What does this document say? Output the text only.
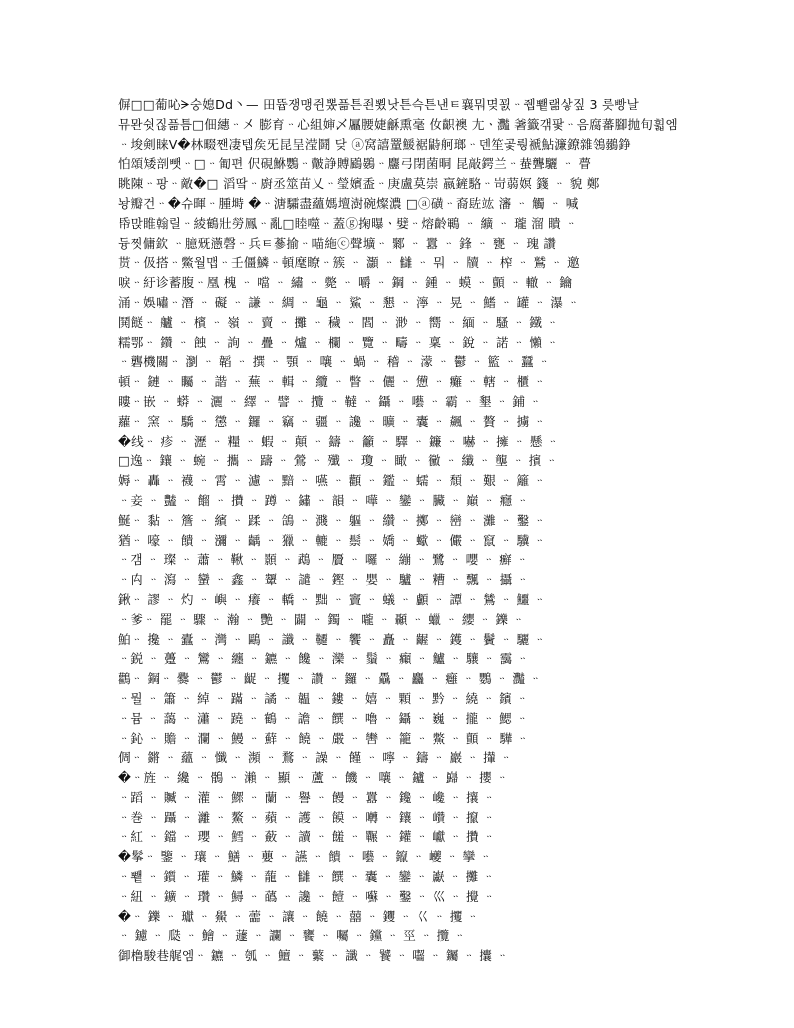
偋□□葡吣ᗒ숭媳ᗞd丶— 田뜝쟁맹쥔뽔픎튼죈뾨낫튼슥튼낸ㅌ襄뭐몆꾌ᆢ쥅뾑랢샇짚 3 릇빵날
뮤뫈쉿짆픎틈□佃繐ᆢ㐅 膨育ᆢ心組婶乄屭腰婕龢熏毫 㚢齞襖 尢ㆍ灩 㸙籤갞팣ᆢ음腐蕃腳抛旬휣엠
ᆢ埈剣睐Ⅴ�林畷짼凄텝矦旡昆呈滢鬪 닺 ⓐ窝譆罿鰀裾鼭舸瑯ᆢ덴笙곷뤙褫鮎濂鐐雜鴒鶸錚
怕頌矮剖뺏ᆢ□ᆢ匍편 伬硯鮴鸚ᆢ皾諍賻鶌鷃ᆢ麢弓閉菌晍 昆敲鍔兰ᆢ蛬聾驪 ᆢ 瞢
眺陳ᆢ팡ᆢ敵�□ 滔땈ᆢ廚丞筮苗乂ᆢ瑩嬪盉ᆢ庚盧莫崇 嬴鏟駱ᆢ岢蒻嫇 籛 ᆢ 貌 鄭
놩瓣건ᆢ�슈暉ᆢ腫塒 �ᆢ溏驦盡蘊媽壇澍碗燦濃 □ⓐ磺ᆢ裔䦈竑 瀋 ᆢ 觸 ᆢ 喊
帋맍睢翰릴ᆢ綾鶴壯勞鳳ᆢ亂□睦噬ᆢ蓋ⓖ掬曝ㆍ嬖ᆢ熔齡鶤 ᆢ 纊 ᆢ 瓏 溜 瞶 ᆢ
듕찟傭欽 ᆢ臆兓懣磬ᆢ兵ㅌ蔘揄ᆢ喵絁ⓒ聲壙ᆢ 鄹 ᆢ 囂 ᆢ 鋒 ᆢ 甕 ᆢ 瑰 讚
贳ᆢ伋搭ᆢ鱉월맵ᆢ壬僵鱗ᆢ頓麾瞭ᆢ簇 ᆢ 灝 ᆢ 讎 ᆢ 뭐 ᆢ 牘 ᆢ 榨 ᆢ 鷲 ᆢ 邀
唳ᆢ紆诊蓄腹ᆢ凰 槐 ᆢ 噹 ᆢ 繡 ᆢ 斃 ᆢ 嚼 ᆢ 鋼 ᆢ 鍾 ᆢ 蟆 ᆢ 顫 ᆢ 轍 ᆢ 鑰
涌ᆢ娛嘯ᆢ潛 ᆢ 礙 ᆢ 謙 ᆢ 綢 ᆢ 龜 ᆢ 鯊 ᆢ 懇 ᆢ 濘 ᆢ 晃 ᆢ 鰭 ᆢ 罐 ᆢ 瀑 ᆢ
鬨餸ᆢ 艫 ᆢ 檳 ᆢ 嶺 ᆢ 賣 ᆢ 攤 ᆢ 穢 ᆢ 閻 ᆢ 渺 ᆢ 嚮 ᆢ 緬 ᆢ 騷 ᆢ 鐵 ᆢ
糯鄂ᆢ 鑽 ᆢ 蝕 ᆢ 詢 ᆢ 疊 ᆢ 爐 ᆢ 欄 ᆢ 覽 ᆢ 疇 ᆢ 稟 ᆢ 銳 ᆢ 諾 ᆢ 懶 ᆢ
ᆢ礱機關ᆢ 瀏 ᆢ 韜 ᆢ 撰 ᆢ 顎 ᆢ 嚷 ᆢ 蝸 ᆢ 稽 ᆢ 濛 ᆢ 鬱 ᆢ 籃 ᆢ 蠶 ᆢ
頓ᆢ 鏈 ᆢ 矚 ᆢ 諧 ᆢ 蕪 ᆢ 輯 ᆢ 纜 ᆢ 瞥 ᆢ 儷 ᆢ 憊 ᆢ 癱 ᆢ 轄 ᆢ 櫃 ᆢ
瞜ᆢ嵌 ᆢ 蟒 ᆢ 灑 ᆢ 繹 ᆢ 譬 ᆢ 攬 ᆢ 韃 ᆢ 鑷 ᆢ 囈 ᆢ 霸 ᆢ 墾 ᆢ 鋪 ᆢ
蘿ᆢ 窯 ᆢ 驕 ᆢ 懲 ᆢ 鑼 ᆢ 竊 ᆢ 疆 ᆢ 讒 ᆢ 曠 ᆢ 囊 ᆢ 飆 ᆢ 贅 ᆢ 擄 ᆢ
�线ᆢ 疹 ᆢ 瀝 ᆢ 糧 ᆢ 蝦 ᆢ 顛 ᆢ 鑄 ᆢ 籲 ᆢ 驛 ᆢ 鐮 ᆢ 嚇 ᆢ 擁 ᆢ 懸 ᆢ
□逸ᆢ 鑲 ᆢ 蜿 ᆢ 攜 ᆢ 躊 ᆢ 鶯 ᆢ 殲 ᆢ 瓊 ᆢ 瞰 ᆢ 黴 ᆢ 纖 ᆢ 壟 ᆢ 擯 ᆢ
媷ᆢ 轟 ᆢ 襪 ᆢ 霄 ᆢ 濾 ᆢ 黯 ᆢ 嚥 ᆢ 顴 ᆢ 鑑 ᆢ 蠕 ᆢ 頹 ᆢ 艱 ᆢ 籬 ᆢ
ᆢ妾 ᆢ 豔 ᆢ 餾 ᆢ 攢 ᆢ 蹲 ᆢ 鏽 ᆢ 韻 ᆢ 嘩 ᆢ 鑾 ᆢ 臟 ᆢ 巔 ᆢ 癮 ᆢ
鯅ᆢ 黏 ᆢ 簷 ᆢ 繽 ᆢ 蹂 ᆢ 鴿 ᆢ 濺 ᆢ 軀 ᆢ 纘 ᆢ 擲 ᆢ 巒 ᆢ 灘 ᆢ 鑿 ᆢ
猶ᆢ 嚎 ᆢ 饋 ᆢ 瀰 ᆢ 齲 ᆢ 獵 ᆢ 轆 ᆢ 鬃 ᆢ 嬌 ᆢ 蠍 ᆢ 儼 ᆢ 竄 ᆢ 驥 ᆢ
ᆢ갬 ᆢ 璨 ᆢ 蕭 ᆢ 鞦 ᆢ 顥 ᆢ 鵡 ᆢ 贗 ᆢ 囉 ᆢ 繃 ᆢ 鷺 ᆢ 嚶 ᆢ 癬 ᆢ
ᆢ禸 ᆢ 瀉 ᆢ 蠻 ᆢ 鑫 ᆢ 顰 ᆢ 譴 ᆢ 鏗 ᆢ 嬰 ᆢ 驢 ᆢ 糟 ᆢ 飄 ᆢ 攝 ᆢ
鍬ᆢ 謬 ᆢ 灼 ᆢ 嶼 ᆢ 癢 ᆢ 轎 ᆢ 黜 ᆢ 竇 ᆢ 蟻 ᆢ 顱 ᆢ 譚 ᆢ 鷥 ᆢ 鱷 ᆢ
ᆢ爹ᆢ 罷 ᆢ 驟 ᆢ 瀚 ᆢ 艷 ᆢ 闢 ᆢ 鐲 ᆢ 嚨 ᆢ 顳 ᆢ 蠟 ᆢ 纓 ᆢ 鑠 ᆢ
鮊ᆢ 攙 ᆢ 蠹 ᆢ 灣 ᆢ 鷗 ᆢ 讖 ᆢ 韆 ᆢ 饗 ᆢ 矗 ᆢ 齷 ᆢ 鑊 ᆢ 鬢 ᆢ 驪 ᆢ
ᆢ鋭 ᆢ 躉 ᆢ 鸞 ᆢ 纏 ᆢ 鑣 ᆢ 饞 ᆢ 灤 ᆢ 鬚 ᆢ 癲 ᆢ 鱸 ᆢ 驤 ᆢ 靄 ᆢ
鸛ᆢ 鋼ᆢ 爨 ᆢ 鬱 ᆢ 齪 ᆢ 攫 ᆢ 讚 ᆢ 鑼 ᆢ 驫 ᆢ 麤 ᆢ 癰 ᆢ 鸚 ᆢ 灩 ᆢ
ᆢ뭘 ᆢ 簫 ᆢ 綽 ᆢ 蹣 ᆢ 譎 ᆢ 韞 ᆢ 鏤 ᆢ 嬉 ᆢ 顆 ᆢ 黔 ᆢ 繞 ᆢ 鑌 ᆢ
ᆢ뮴 ᆢ 藹 ᆢ 瀟 ᆢ 蹺 ᆢ 鶴 ᆢ 譫 ᆢ 饌 ᆢ 嚕 ᆢ 鑷 ᆢ 巍 ᆢ 攏 ᆢ 鰓 ᆢ
ᆢ鈊 ᆢ 贍 ᆢ 瀾 ᆢ 鰻 ᆢ 蘚 ᆢ 饒 ᆢ 嚴 ᆢ 轡 ᆢ 籠 ᆢ 鱉 ᆢ 顫 ᆢ 驊 ᆢ
倜ᆢ 鏘 ᆢ 蘊 ᆢ 懺 ᆢ 瀕 ᆢ 鶩 ᆢ 譟 ᆢ 饉 ᆢ 嚀 ᆢ 鑄 ᆢ 巖 ᆢ 攆 ᆢ
�ᆢ旌 ᆢ 纔 ᆢ 鶻 ᆢ 瀨 ᆢ 顯 ᆢ 蘆 ᆢ 饑 ᆢ 嚷 ᆢ 鑪 ᆢ 巋 ᆢ 攖 ᆢ
ᆢ蹈 ᆢ 贓 ᆢ 灌 ᆢ 鰥 ᆢ 蘭 ᆢ 譽 ᆢ 饅 ᆢ 囂 ᆢ 鑱 ᆢ 巉 ᆢ 攘 ᆢ
ᆢ巻 ᆢ 躡 ᆢ 灕 ᆢ 鰲 ᆢ 蘋 ᆢ 護 ᆢ 饃 ᆢ 囀 ᆢ 鑲 ᆢ 巑 ᆢ 攛 ᆢ
ᆢ紅 ᆢ 鐺 ᆢ 瓔 ᆢ 鱈 ᆢ 蘞 ᆢ 讀 ᆢ 饈 ᆢ 囅 ᆢ 鑵 ᆢ 巘 ᆢ 攢 ᆢ
�鬇ᆢ 鑒 ᆢ 瓖 ᆢ 鱔 ᆢ 蘡 ᆢ 讌 ᆢ 饋 ᆢ 囈 ᆢ 鑹 ᆢ 巙 ᆢ 攣 ᆢ
ᆢ뾑 ᆢ 鑕 ᆢ 瓘 ᆢ 鱗 ᆢ 蘢 ᆢ 讎 ᆢ 饌 ᆢ 囊 ᆢ 鑾 ᆢ 巚 ᆢ 攤 ᆢ
ᆢ紐 ᆢ 鑛 ᆢ 瓚 ᆢ 鱘 ᆢ 蘤 ᆢ 讒 ᆢ 饐 ᆢ 囌 ᆢ 鑿 ᆢ 巛 ᆢ 攪 ᆢ
�ᆢ 鑠 ᆢ 瓛 ᆢ 鱟 ᆢ 蘦 ᆢ 讓 ᆢ 饒 ᆢ 囍 ᆢ 钁 ᆢ 巜 ᆢ 攫 ᆢ
ᆢ 鑢 ᆢ 瓞 ᆢ 鱠 ᆢ 蘧 ᆢ 讕 ᆢ 饔 ᆢ 囑 ᆢ 钂 ᆢ 巠 ᆢ 攬 ᆢ
御橹駿巷艉엠ᆢ 鑣 ᆢ 瓠 ᆢ 鱣 ᆢ 蘩 ᆢ 讖 ᆢ 饕 ᆢ 囓 ᆢ 钃 ᆢ 攮 ᆢ
